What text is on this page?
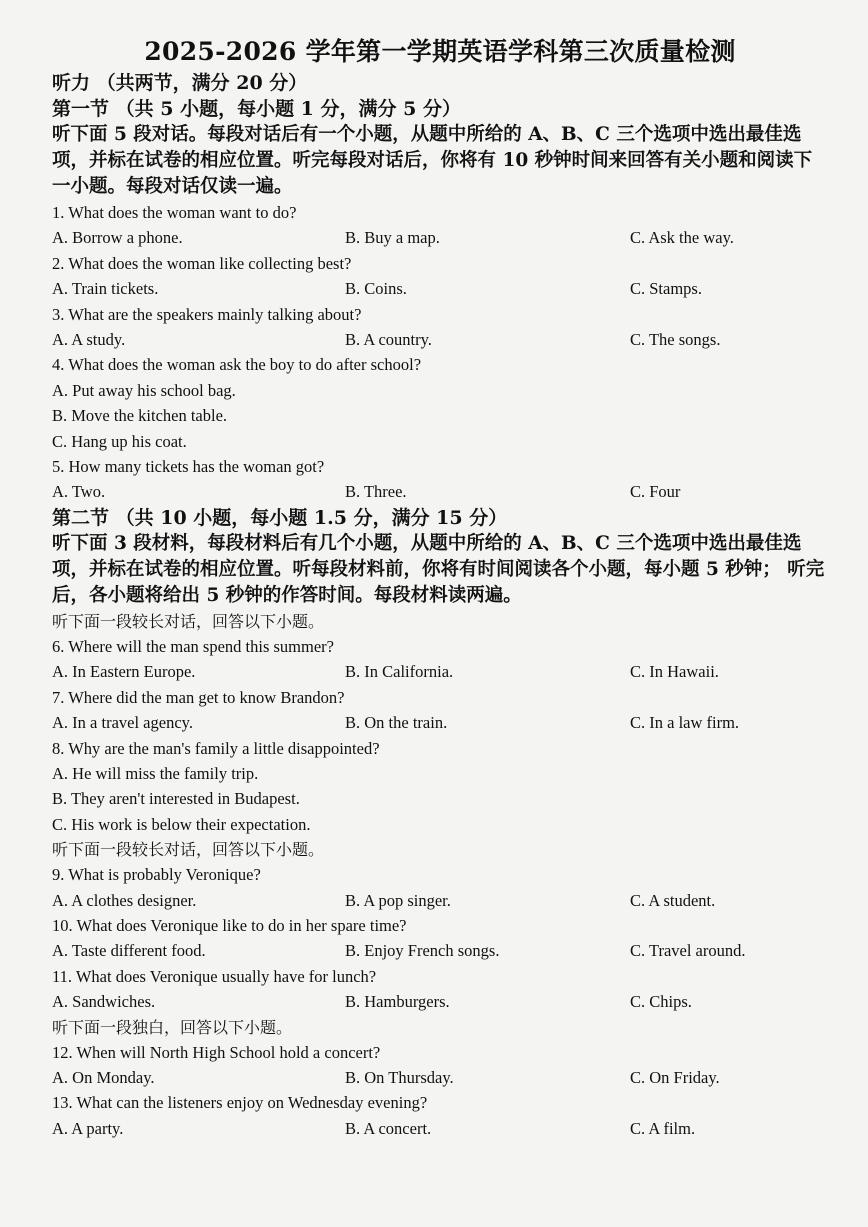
2025-2026 学年第一学期英语学科第三次质量检测
听力 （共两节，满分 20 分）
第一节 （共 5 小题，每小题 1 分，满分 5 分）
听下面 5 段对话。每段对话后有一个小题，从题中所给的 A、B、C 三个选项中选出最佳选项，并标在试卷的相应位置。听完每段对话后，你将有 10 秒钟时间来回答有关小题和阅读下一小题。每段对话仅读一遍。
1. What does the woman want to do?
A. Borrow a phone.	B. Buy a map.	C. Ask the way.
2. What does the woman like collecting best?
A. Train tickets.	B. Coins.	C. Stamps.
3. What are the speakers mainly talking about?
A. A study.	B. A country.	C. The songs.
4. What does the woman ask the boy to do after school?
A. Put away his school bag.
B. Move the kitchen table.
C. Hang up his coat.
5. How many tickets has the woman got?
A. Two.	B. Three.	C. Four
第二节 （共 10 小题，每小题 1.5 分，满分 15 分）
听下面 3 段材料，每段材料后有几个小题，从题中所给的 A、B、C 三个选项中选出最佳选项，并标在试卷的相应位置。听每段材料前，你将有时间阅读各个小题，每小题 5 秒钟； 听完后，各小题将给出 5 秒钟的作答时间。每段材料读两遍。
听下面一段较长对话，回答以下小题。
6. Where will the man spend this summer?
A. In Eastern Europe.	B. In California.	C. In Hawaii.
7. Where did the man get to know Brandon?
A. In a travel agency.	B. On the train.	C. In a law firm.
8. Why are the man's family a little disappointed?
A. He will miss the family trip.
B. They aren't interested in Budapest.
C. His work is below their expectation.
听下面一段较长对话，回答以下小题。
9. What is probably Veronique?
A. A clothes designer.	B. A pop singer.	C. A student.
10. What does Veronique like to do in her spare time?
A. Taste different food.	B. Enjoy French songs.	C. Travel around.
11. What does Veronique usually have for lunch?
A. Sandwiches.	B. Hamburgers.	C. Chips.
听下面一段独白，回答以下小题。
12. When will North High School hold a concert?
A. On Monday.	B. On Thursday.	C. On Friday.
13. What can the listeners enjoy on Wednesday evening?
A. A party.	B. A concert.	C. A film.
